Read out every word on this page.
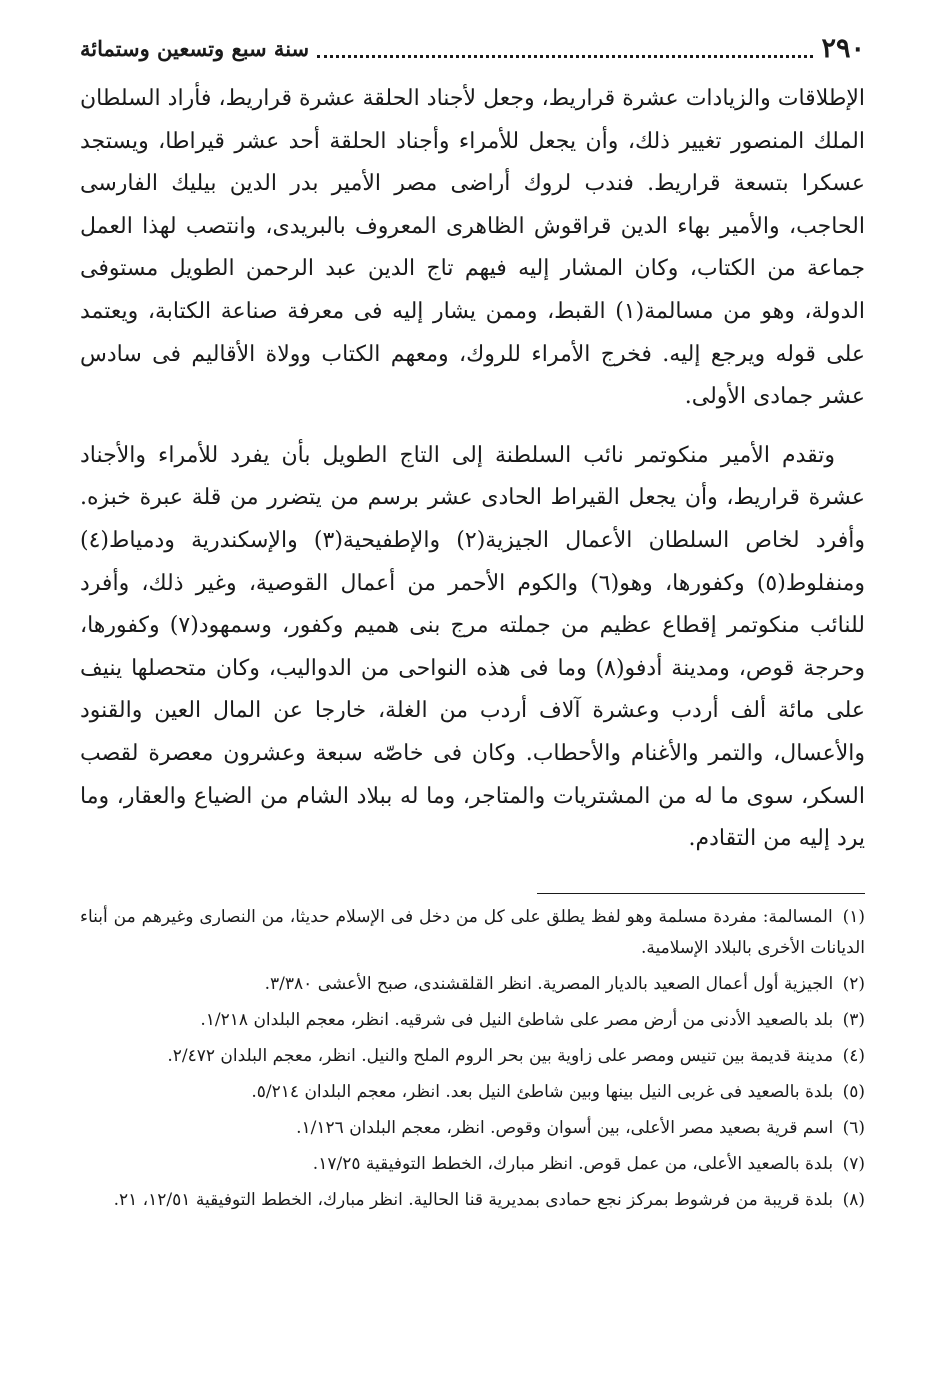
٢٩٠
سنة سبع وتسعين وستمائة

الإطلاقات والزيادات عشرة قراريط، وجعل لأجناد الحلقة عشرة قراريط، فأراد السلطان الملك المنصور تغيير ذلك، وأن يجعل للأمراء وأجناد الحلقة أحد عشر قيراطا، ويستجد عسكرا بتسعة قراريط. فندب لروك أراضى مصر الأمير بدر الدين بيليك الفارسى الحاجب، والأمير بهاء الدين قراقوش الظاهرى المعروف بالبريدى، وانتصب لهذا العمل جماعة من الكتاب، وكان المشار إليه فيهم تاج الدين عبد الرحمن الطويل مستوفى الدولة، وهو من مسالمة(١) القبط، وممن يشار إليه فى معرفة صناعة الكتابة، ويعتمد على قوله ويرجع إليه. فخرج الأمراء للروك، ومعهم الكتاب وولاة الأقاليم فى سادس عشر جمادى الأولى.

وتقدم الأمير منكوتمر نائب السلطنة إلى التاج الطويل بأن يفرد للأمراء والأجناد عشرة قراريط، وأن يجعل القيراط الحادى عشر برسم من يتضرر من قلة عبرة خبزه. وأفرد لخاص السلطان الأعمال الجيزية(٢) والإطفيحية(٣) والإسكندرية ودمياط(٤) ومنفلوط(٥) وكفورها، وهو(٦) والكوم الأحمر من أعمال القوصية، وغير ذلك، وأفرد للنائب منكوتمر إقطاع عظيم من جملته مرج بنى هميم وكفور، وسمهود(٧) وكفورها، وحرجة قوص، ومدينة أدفو(٨) وما فى هذه النواحى من الدواليب، وكان متحصلها ينيف على مائة ألف أردب وعشرة آلاف أردب من الغلة، خارجا عن المال العين والقنود والأعسال، والتمر والأغنام والأحطاب. وكان فى خاصّه سبعة وعشرون معصرة لقصب السكر، سوى ما له من المشتريات والمتاجر، وما له ببلاد الشام من الضياع والعقار، وما يرد إليه من التقادم.

(١) المسالمة: مفردة مسلمة وهو لفظ يطلق على كل من دخل فى الإسلام حديثا، من النصارى وغيرهم من أبناء الديانات الأخرى بالبلاد الإسلامية.

(٢) الجيزية أول أعمال الصعيد بالديار المصرية. انظر القلقشندى، صبح الأعشى ٣/٣٨٠.

(٣) بلد بالصعيد الأدنى من أرض مصر على شاطئ النيل فى شرقيه. انظر، معجم البلدان ١/٢١٨.

(٤) مدينة قديمة بين تنيس ومصر على زاوية بين بحر الروم الملح والنيل. انظر، معجم البلدان ٢/٤٧٢.

(٥) بلدة بالصعيد فى غربى النيل بينها وبين شاطئ النيل بعد. انظر، معجم البلدان ٥/٢١٤.

(٦) اسم قرية بصعيد مصر الأعلى، بين أسوان وقوص. انظر، معجم البلدان ١/١٢٦.

(٧) بلدة بالصعيد الأعلى، من عمل قوص. انظر مبارك، الخطط التوفيقية ١٧/٢٥.

(٨) بلدة قريبة من فرشوط بمركز نجع حمادى بمديرية قنا الحالية. انظر مبارك، الخطط التوفيقية ١٢/٥١، ٢١.
